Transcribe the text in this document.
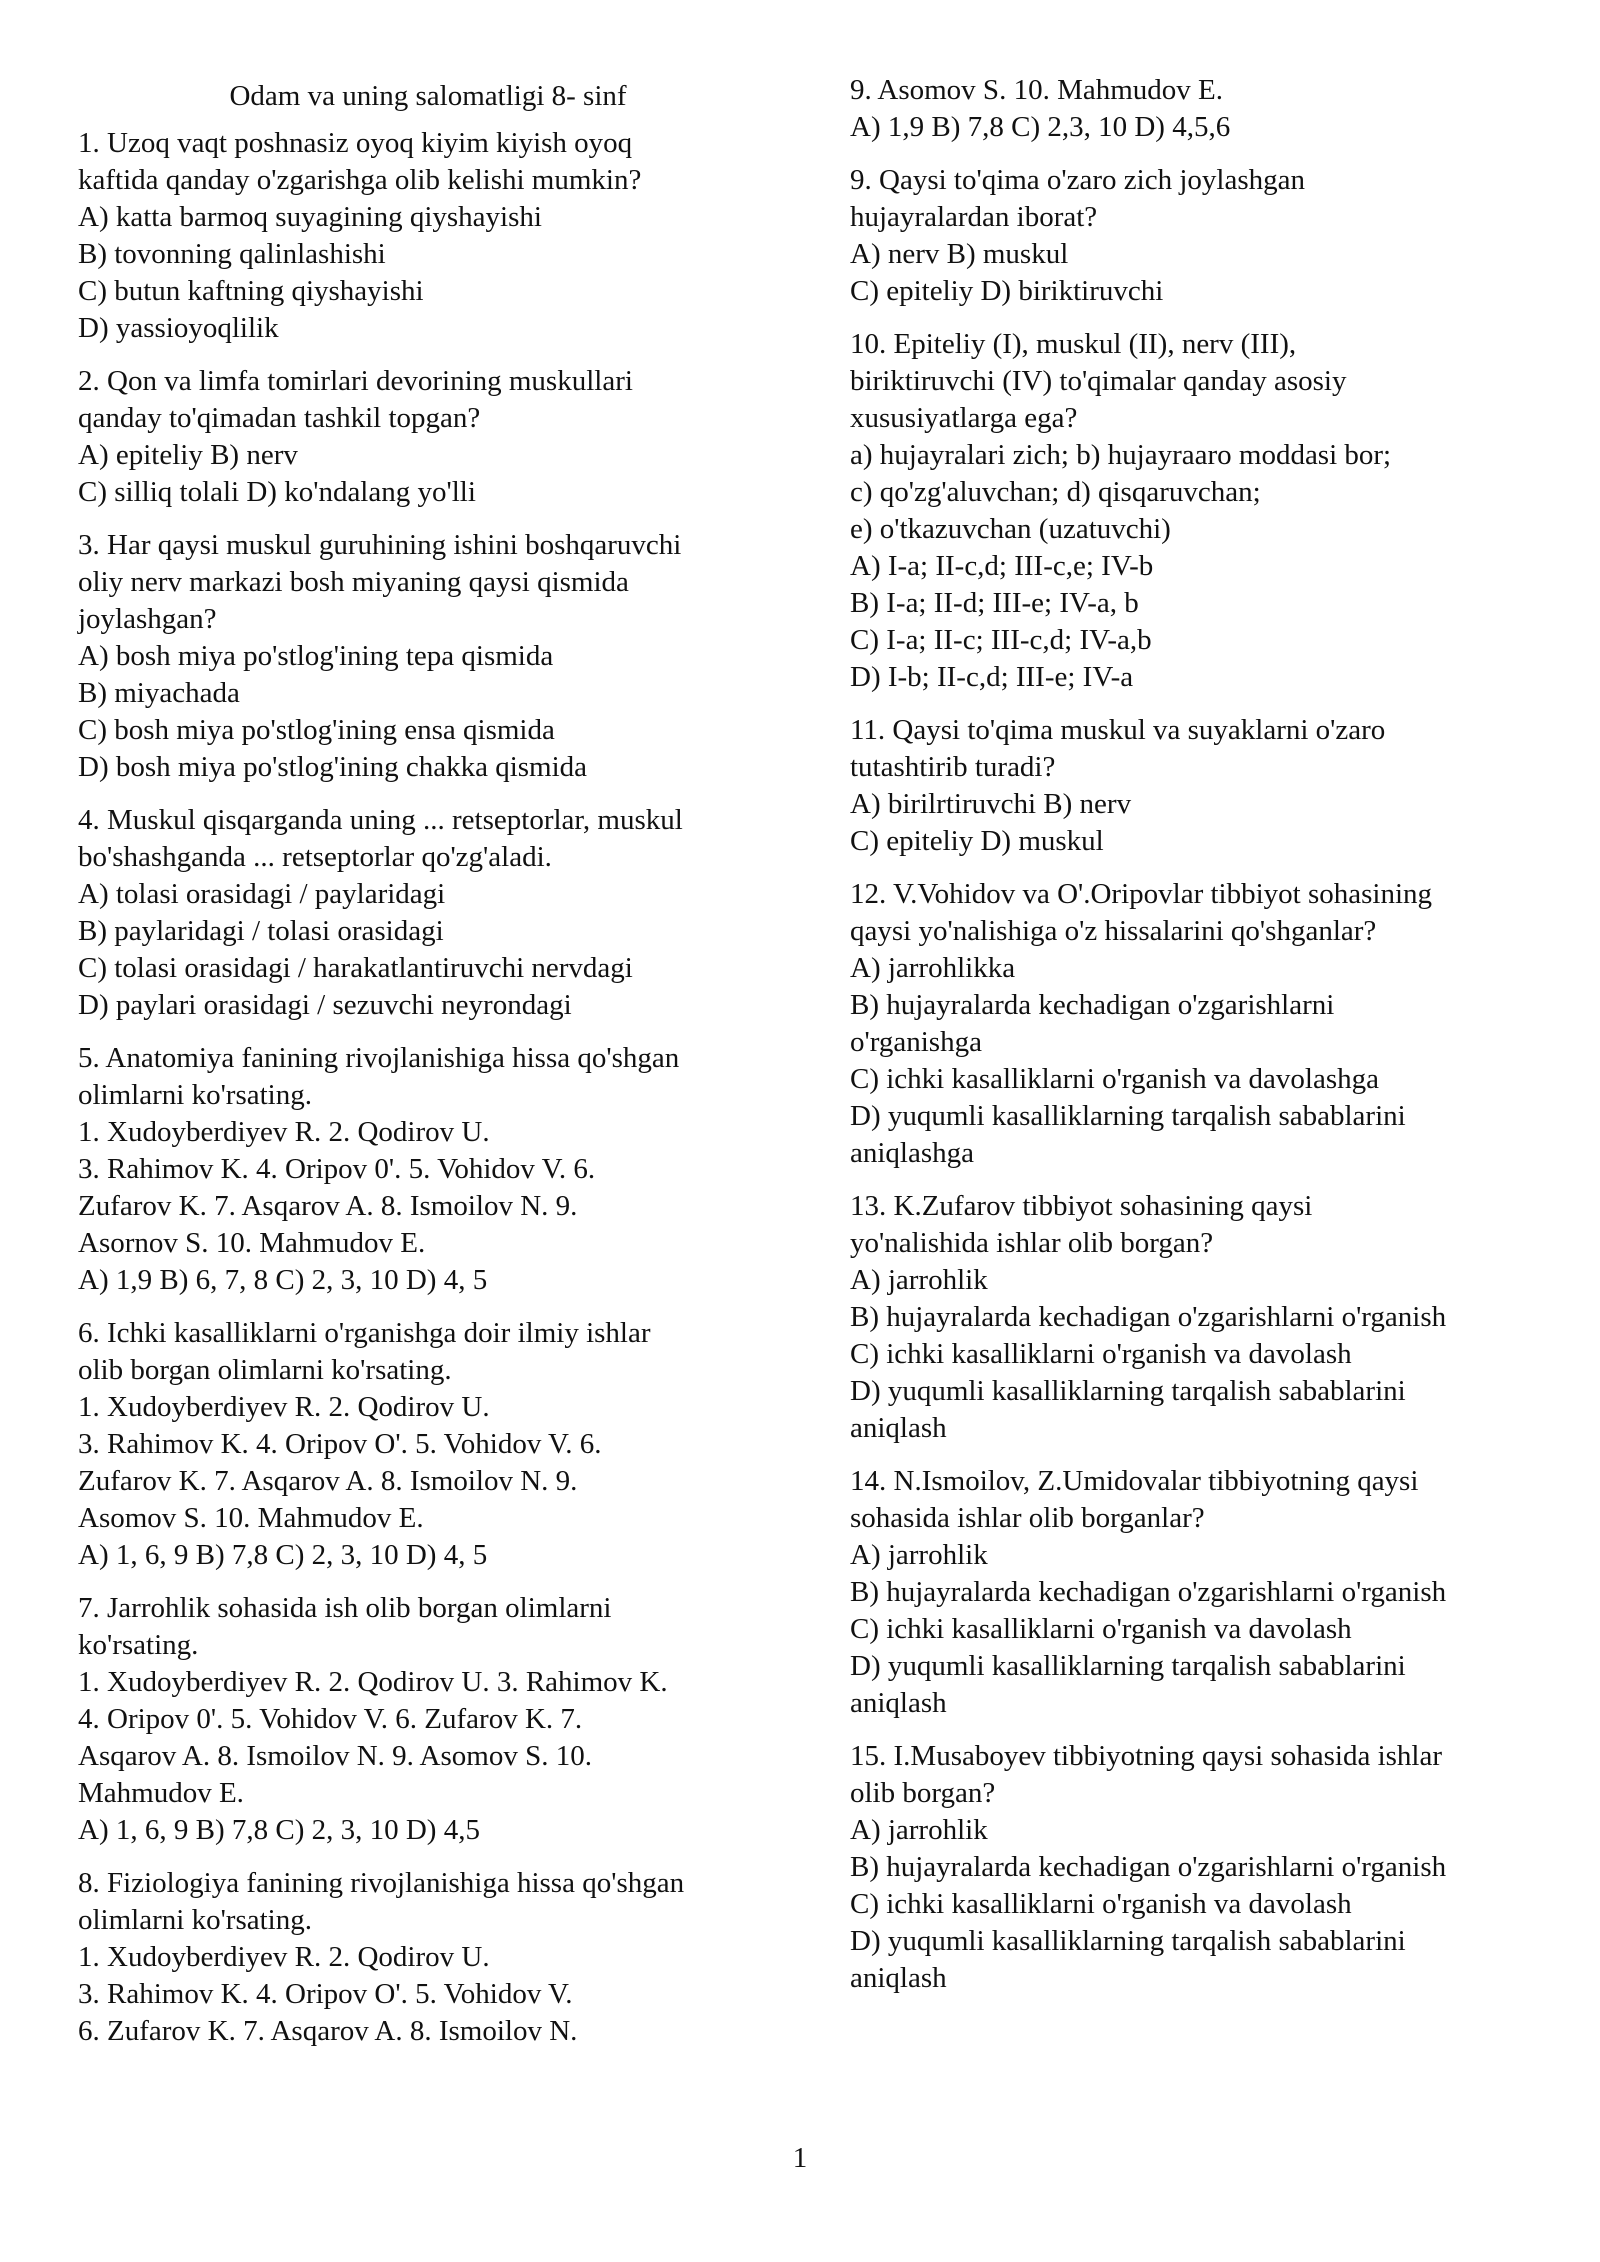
Odam va uning salomatligi 8- sinf
1. Uzoq vaqt poshnasiz oyoq kiyim kiyish oyoq
kaftida qanday o'zgarishga olib kelishi mumkin?
A) katta barmoq suyagining qiyshayishi
B) tovonning qalinlashishi
C) butun kaftning qiyshayishi
D) yassioyoqlilik
2. Qon va limfa tomirlari devorining muskullari
qanday to'qimadan tashkil topgan?
A) epiteliy B) nerv
C) silliq tolali D) ko'ndalang yo'lli
3. Har qaysi muskul guruhining ishini boshqaruvchi
oliy nerv markazi bosh miyaning qaysi qismida
joylashgan?
A) bosh miya po'stlog'ining tepa qismida
B) miyachada
C) bosh miya po'stlog'ining ensa qismida
D) bosh miya po'stlog'ining chakka qismida
4. Muskul qisqarganda uning ... retseptorlar, muskul
bo'shashganda ... retseptorlar qo'zg'aladi.
A) tolasi orasidagi / paylaridagi
B) paylaridagi / tolasi orasidagi
C) tolasi orasidagi / harakatlantiruvchi nervdagi
D) paylari orasidagi / sezuvchi neyrondagi
5. Anatomiya fanining rivojlanishiga hissa qo'shgan
olimlarni ko'rsating.
1. Xudoyberdiyev R. 2. Qodirov U.
3. Rahimov K. 4. Oripov 0'. 5. Vohidov V. 6.
Zufarov K. 7. Asqarov A. 8. Ismoilov N. 9.
Asornov S. 10. Mahmudov E.
A) 1,9 B) 6, 7, 8 C) 2, 3, 10 D) 4, 5
6. Ichki kasalliklarni o'rganishga doir ilmiy ishlar
olib borgan olimlarni ko'rsating.
1. Xudoyberdiyev R. 2. Qodirov U.
3. Rahimov K. 4. Oripov O'. 5. Vohidov V. 6.
Zufarov K. 7. Asqarov A. 8. Ismoilov N. 9.
Asomov S. 10. Mahmudov E.
A) 1, 6, 9 B) 7,8 C) 2, 3, 10 D) 4, 5
7. Jarrohlik sohasida ish olib borgan olimlarni
ko'rsating.
1. Xudoyberdiyev R. 2. Qodirov U. 3. Rahimov K.
4. Oripov 0'. 5. Vohidov V. 6. Zufarov K. 7.
Asqarov A. 8. Ismoilov N. 9. Asomov S. 10.
Mahmudov E.
A) 1, 6, 9 B) 7,8 C) 2, 3, 10 D) 4,5
8. Fiziologiya fanining rivojlanishiga hissa qo'shgan
olimlarni ko'rsating.
1. Xudoyberdiyev R. 2. Qodirov U.
3. Rahimov K. 4. Oripov O'. 5. Vohidov V.
6. Zufarov K. 7. Asqarov A. 8. Ismoilov N.
9. Asomov S. 10. Mahmudov E.
A) 1,9 B) 7,8 C) 2,3, 10 D) 4,5,6
9. Qaysi to'qima o'zaro zich joylashgan
hujayralardan iborat?
A) nerv B) muskul
C) epiteliy D) biriktiruvchi
10. Epiteliy (I), muskul (II), nerv (III),
biriktiruvchi (IV) to'qimalar qanday asosiy
xususiyatlarga ega?
a) hujayralari zich; b) hujayraaro moddasi bor;
c) qo'zg'aluvchan; d) qisqaruvchan;
e) o'tkazuvchan (uzatuvchi)
A) I-a; II-c,d; III-c,e; IV-b
B) I-a; II-d; III-e; IV-a, b
C) I-a; II-c; III-c,d; IV-a,b
D) I-b; II-c,d; III-e; IV-a
11. Qaysi to'qima muskul va suyaklarni o'zaro
tutashtirib turadi?
A) birilrtiruvchi B) nerv
C) epiteliy D) muskul
12. V.Vohidov va O'.Oripovlar tibbiyot sohasining
qaysi yo'nalishiga o'z hissalarini qo'shganlar?
A) jarrohlikka
B) hujayralarda kechadigan o'zgarishlarni
o'rganishga
C) ichki kasalliklarni o'rganish va davolashga
D) yuqumli kasalliklarning tarqalish sabablarini
aniqlashga
13. K.Zufarov tibbiyot sohasining qaysi
yo'nalishida ishlar olib borgan?
A) jarrohlik
B) hujayralarda kechadigan o'zgarishlarni o'rganish
C) ichki kasalliklarni o'rganish va davolash
D) yuqumli kasalliklarning tarqalish sabablarini
aniqlash
14. N.Ismoilov, Z.Umidovalar tibbiyotning qaysi
sohasida ishlar olib borganlar?
A) jarrohlik
B) hujayralarda kechadigan o'zgarishlarni o'rganish
C) ichki kasalliklarni o'rganish va davolash
D) yuqumli kasalliklarning tarqalish sabablarini
aniqlash
15. I.Musaboyev tibbiyotning qaysi sohasida ishlar
olib borgan?
A) jarrohlik
B) hujayralarda kechadigan o'zgarishlarni o'rganish
C) ichki kasalliklarni o'rganish va davolash
D) yuqumli kasalliklarning tarqalish sabablarini
aniqlash
1
